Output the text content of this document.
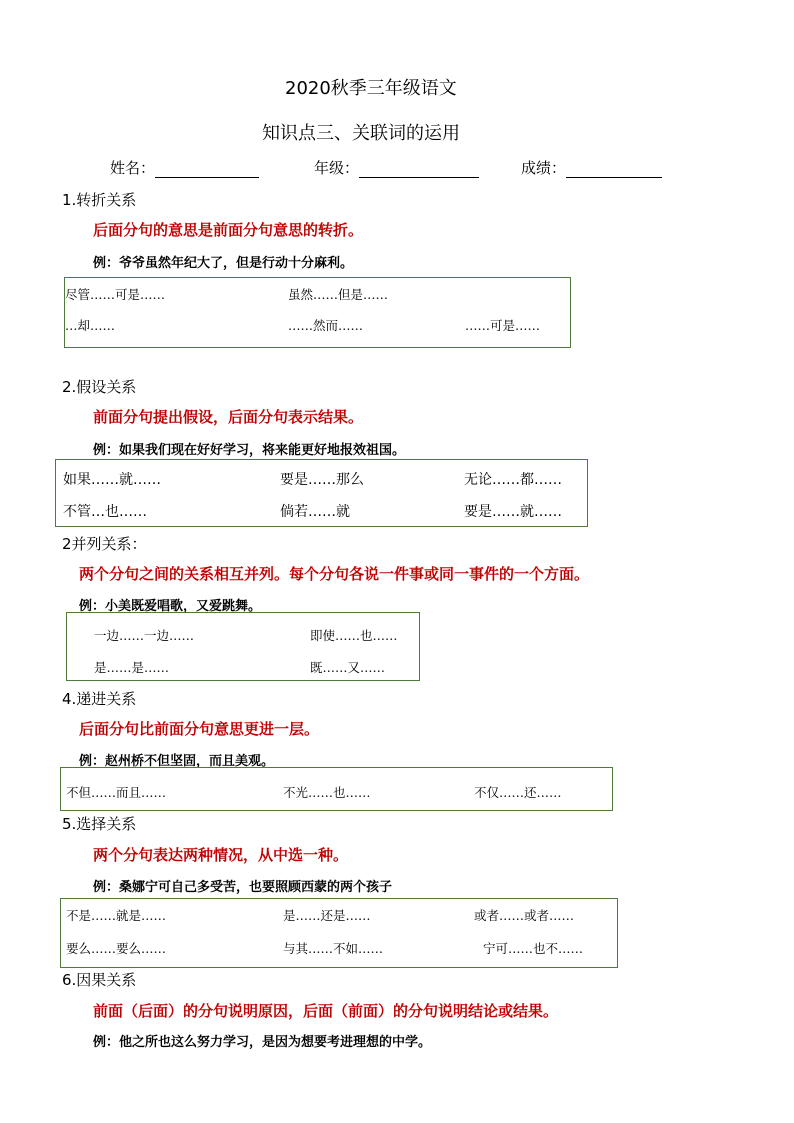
2020秋季三年级语文
知识点三、关联词的运用
姓名：	年级：	成绩：
1.转折关系
后面分句的意思是前面分句意思的转折。
例：爷爷虽然年纪大了，但是行动十分麻利。
尽管……可是……	虽然……但是……
…却……	……然而……	……可是……
2.假设关系
前面分句提出假设，后面分句表示结果。
例：如果我们现在好好学习，将来能更好地报效祖国。
如果……就……	要是……那么	无论……都……
不管…也……	倘若……就	要是……就……
2并列关系：
两个分句之间的关系相互并列。每个分句各说一件事或同一事件的一个方面。
例：小美既爱唱歌，又爱跳舞。
一边……一边……	即使……也……
是……是……	既……又……
4.递进关系
后面分句比前面分句意思更进一层。
例：赵州桥不但坚固，而且美观。
不但……而且……	不光……也……	不仅……还……
5.选择关系
两个分句表达两种情况，从中选一种。
例：桑娜宁可自己多受苦，也要照顾西蒙的两个孩子
不是……就是……	是……还是……	或者……或者……
要么……要么……	与其……不如……	宁可……也不……
6.因果关系
前面（后面）的分句说明原因，后面（前面）的分句说明结论或结果。
例：他之所也这么努力学习，是因为想要考进理想的中学。
